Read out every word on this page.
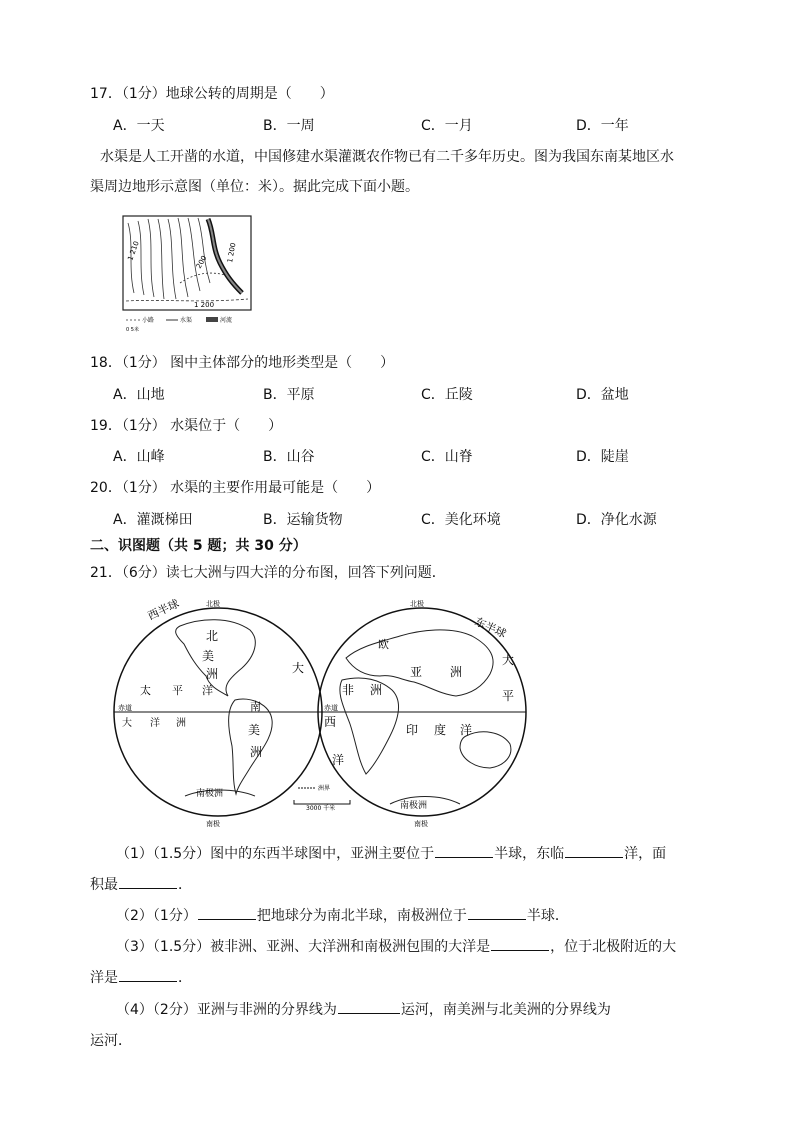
17．（1分）地球公转的周期是（　　）
A．一天	B．一周	C．一月	D．一年
水渠是人工开凿的水道，中国修建水渠灌溉农作物已有二千多年历史。图为我国东南某地区水
渠周边地形示意图（单位：米）。据此完成下面小题。
1 210
200	1 200
1 200
小路	水渠	河流
0 5米
18．（1分） 图中主体部分的地形类型是（　　）
A．山地	B．平原	C．丘陵	D．盆地
19．（1分） 水渠位于（　　）
A．山峰	B．山谷	C．山脊	D．陡崖
20．（1分） 水渠的主要作用最可能是（　　）
A．灌溉梯田	B．运输货物	C．美化环境	D．净化水源
二、识图题（共 5 题；共 30 分）
21．（6分）读七大洲与四大洋的分布图，回答下列问题．
西半球	北极
南极
赤道
北
美
洲	大
太 平 洋
南
美
洲
大 洋 洲
南极洲
北极
南极
东半球
赤道
欧
亚 洲
非 洲
大
平
西
印 度 洋
洋
南极洲
洲界
3000 千米
（1）（1.5分）图中的东西半球图中，亚洲主要位于	半球，东临	洋，面
积最	．
（2）（1分）	把地球分为南北半球，南极洲位于	半球．
（3）（1.5分）被非洲、亚洲、大洋洲和南极洲包围的大洋是	，位于北极附近的大
洋是	．
（4）（2分）亚洲与非洲的分界线为	运河，南美洲与北美洲的分界线为
运河．
